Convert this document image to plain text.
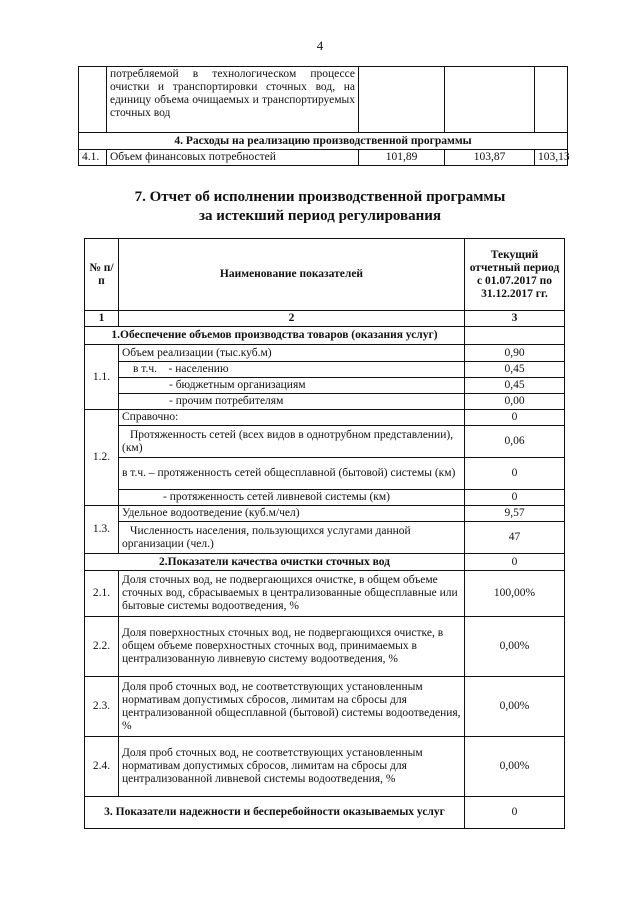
4
	потребляемой в технологическом процессе очистки и транспортировки сточных вод, на единицу объема очищаемых и транспортируемых сточных вод			
4. Расходы на реализацию производственной программы				
4.1.	Объем финансовых потребностей	101,89	103,87	103,13
7. Отчет об исполнении производственной программы
за истекший период регулирования
№ п/п	Наименование показателей	Текущий отчетный период с 01.07.2017 по 31.12.2017 гг.
1	2	3
1.Обеспечение объемов производства товаров (оказания услуг)		
1.1.	Объем реализации (тыс.куб.м)	0,90
	в т.ч.    - населению	0,45
	- бюджетным организациям	0,45
	- прочим потребителям	0,00
1.2.	Справочно:	0
	Протяженность сетей (всех видов в однотрубном представлении), (км)	0,06
	в т.ч. – протяженность сетей общесплавной (бытовой) системы (км)	0
	- протяженность сетей ливневой системы (км)	0
1.3.	Удельное водоотведение (куб.м/чел)	9,57
	Численность населения, пользующихся услугами данной организации (чел.)	47
2.Показатели качества очистки сточных вод		0
2.1.	Доля сточных вод, не подвергающихся очистке, в общем объеме сточных вод, сбрасываемых в централизованные общесплавные или бытовые системы водоотведения, %	100,00%
2.2.	Доля поверхностных сточных вод, не подвергающихся очистке, в общем объеме поверхностных сточных вод, принимаемых в централизованную ливневую систему водоотведения, %	0,00%
2.3.	Доля проб сточных вод, не соответствующих установленным нормативам допустимых сбросов, лимитам на сбросы для централизованной общесплавной (бытовой) системы водоотведения, %	0,00%
2.4.	Доля проб сточных вод, не соответствующих установленным нормативам допустимых сбросов, лимитам на сбросы для централизованной ливневой системы водоотведения, %	0,00%
3. Показатели надежности и бесперебойности оказываемых услуг		0
